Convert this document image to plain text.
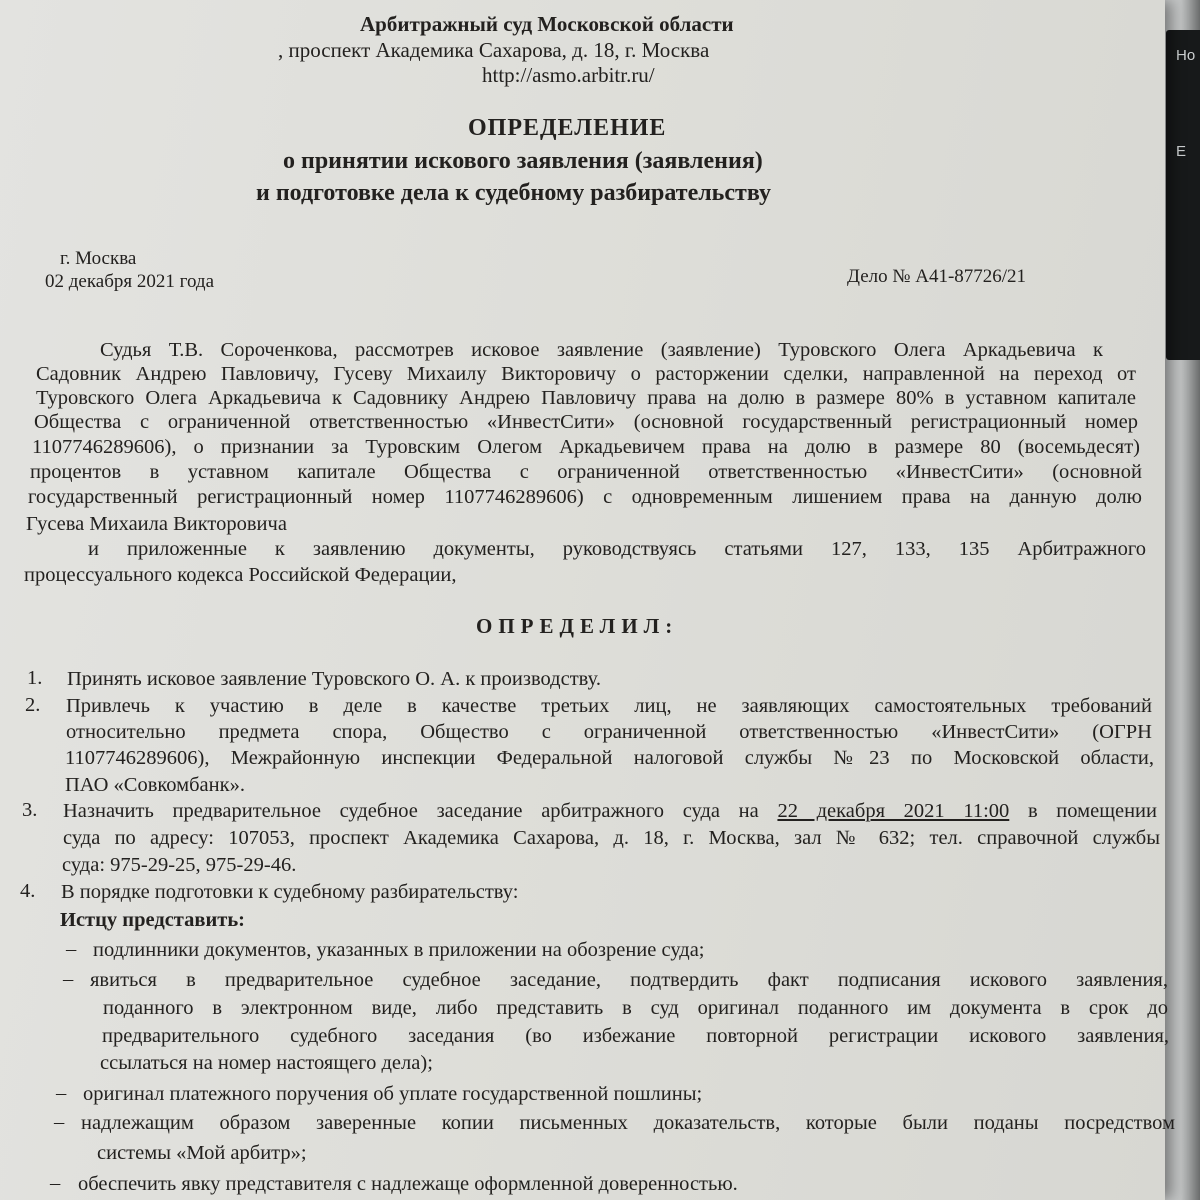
Но
Е
Арбитражный суд Московской области
, проспект Академика Сахарова, д. 18, г. Москва
http://asmo.arbitr.ru/
ОПРЕДЕЛЕНИЕ
о принятии искового заявления (заявления)
и подготовке дела к судебному разбирательству
г. Москва
02 декабря 2021 года	Дело № А41-87726/21
Судья Т.В. Сороченкова, рассмотрев исковое заявление (заявление) Туровского Олега Аркадьевича к
Садовник Андрею Павловичу, Гусеву Михаилу Викторовичу о расторжении сделки, направленной на переход от
Туровского Олега Аркадьевича к Садовнику Андрею Павловичу права на долю в размере 80% в уставном капитале
Общества с ограниченной ответственностью «ИнвестСити» (основной государственный регистрационный номер
1107746289606), о признании за Туровским Олегом Аркадьевичем права на долю в размере 80 (восемьдесят)
процентов в уставном капитале Общества с ограниченной ответственностью «ИнвестСити» (основной
государственный регистрационный номер 1107746289606) с одновременным лишением права на данную долю
Гусева Михаила Викторовича
и приложенные к заявлению документы, руководствуясь статьями 127, 133, 135 Арбитражного
процессуального кодекса Российской Федерации,
ОПРЕДЕЛИЛ:
1. Принять исковое заявление Туровского О. А. к производству.
2. Привлечь к участию в деле в качестве третьих лиц, не заявляющих самостоятельных требований
относительно предмета спора, Общество с ограниченной ответственностью «ИнвестСити» (ОГРН
1107746289606), Межрайонную инспекции Федеральной налоговой службы №23 по Московской области,
ПАО «Совкомбанк».
3. Назначить предварительное судебное заседание арбитражного суда на 22 декабря 2021 11:00 в помещении
суда по адресу: 107053, проспект Академика Сахарова, д. 18, г. Москва, зал № 632; тел. справочной службы
суда: 975-29-25, 975-29-46.
4. В порядке подготовки к судебному разбирательству:
Истцу представить:
– подлинники документов, указанных в приложении на обозрение суда;
– явиться в предварительное судебное заседание, подтвердить факт подписания искового заявления,
поданного в электронном виде, либо представить в суд оригинал поданного им документа в срок до
предварительного судебного заседания (во избежание повторной регистрации искового заявления,
ссылаться на номер настоящего дела);
– оригинал платежного поручения об уплате государственной пошлины;
– надлежащим образом заверенные копии письменных доказательств, которые были поданы посредством
системы «Мой арбитр»;
– обеспечить явку представителя с надлежаще оформленной доверенностью.
